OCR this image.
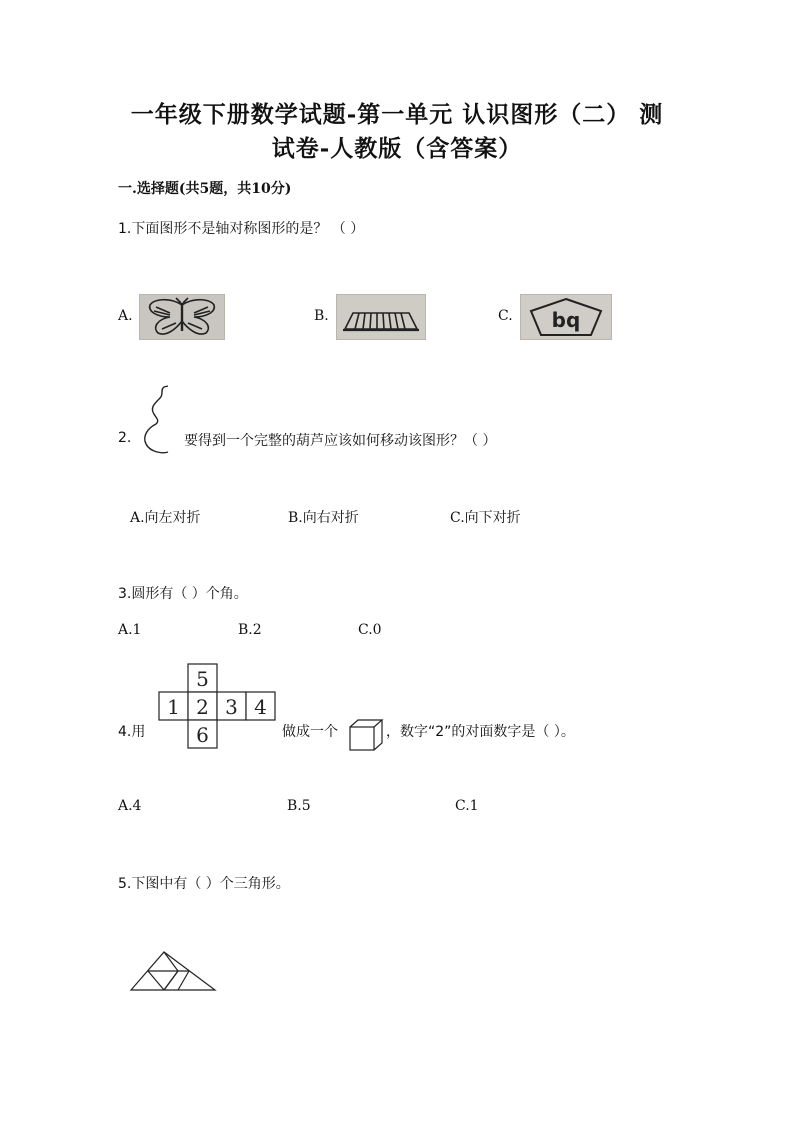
一年级下册数学试题-第一单元 认识图形（二） 测
试卷-人教版（含答案）
一.选择题(共5题，共10分)
1.下面图形不是轴对称图形的是？ （ ）
A.	B.	C. bq
2.	要得到一个完整的葫芦应该如何移动该图形？（ ）
A.向左对折	B.向右对折	C.向下对折
3.圆形有（ ）个角。
A.1	B.2	C.0
4.用
5
1 2 3 4
6	做成一个	，数字“2”的对面数字是（ ）。
A.4	B.5	C.1
5.下图中有（ ）个三角形。
